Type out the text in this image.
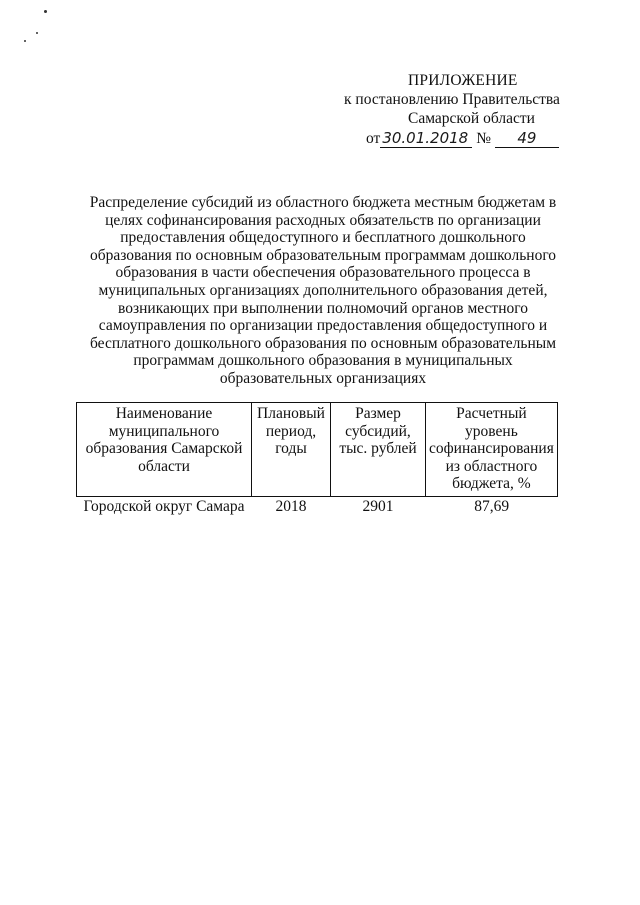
ПРИЛОЖЕНИЕ
к постановлению Правительства
Самарской области
от 30.01.2018 № 49
Распределение субсидий из областного бюджета местным бюджетам в целях софинансирования расходных обязательств по организации предоставления общедоступного и бесплатного дошкольного образования по основным образовательным программам дошкольного образования в части обеспечения образовательного процесса в муниципальных организациях дополнительного образования детей, возникающих при выполнении полномочий органов местного самоуправления по организации предоставления общедоступного и бесплатного дошкольного образования по основным образовательным программам дошкольного образования в муниципальных образовательных организациях
Наименование муниципального образования Самарской области	Плановый период, годы	Размер субсидий, тыс. рублей	Расчетный уровень софинансирования из областного бюджета, %
Городской округ Самара	2018	2901	87,69
